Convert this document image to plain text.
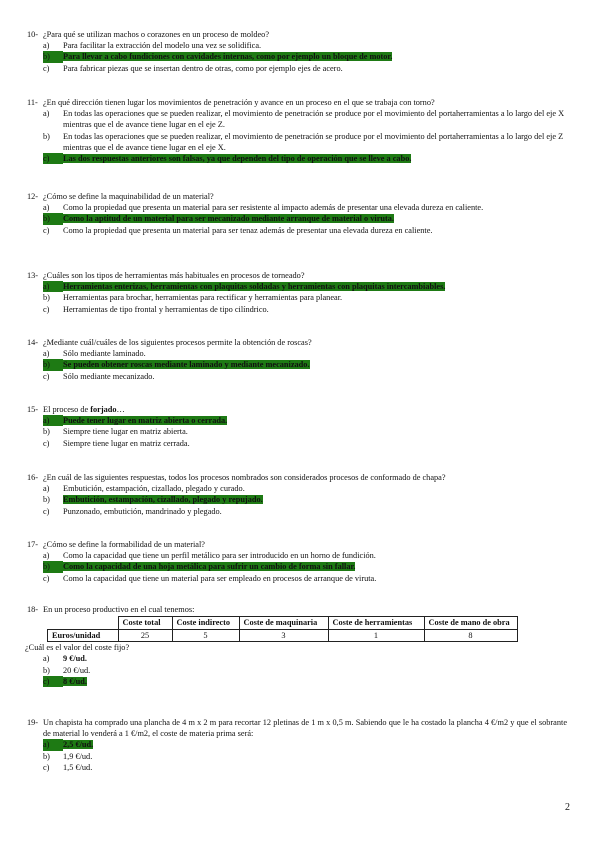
10- ¿Para qué se utilizan machos o corazones en un proceso de moldeo?
a)	Para facilitar la extracción del modelo una vez se solidifica.
b)	Para llevar a cabo fundiciones con cavidades internas, como por ejemplo un bloque de motor.
c)	Para fabricar piezas que se insertan dentro de otras, como por ejemplo ejes de acero.
11- ¿En qué dirección tienen lugar los movimientos de penetración y avance en un proceso en el que se trabaja con torno?
a)	En todas las operaciones que se pueden realizar, el movimiento de penetración se produce por el movimiento del portaherramientas a lo largo del eje X mientras que el de avance tiene lugar en el eje Z.
b)	En todas las operaciones que se pueden realizar, el movimiento de penetración se produce por el movimiento del portaherramientas a lo largo del eje Z mientras que el de avance tiene lugar en el eje X.
c)	Las dos respuestas anteriores son falsas, ya que dependen del tipo de operación que se lleve a cabo.
12- ¿Cómo se define la maquinabilidad de un material?
a)	Como la propiedad que presenta un material para ser resistente al impacto además de presentar una elevada dureza en caliente.
b)	Como la aptitud de un material para ser mecanizado mediante arranque de material o viruta.
c)	Como la propiedad que presenta un material para ser tenaz además de presentar una elevada dureza en caliente.
13- ¿Cuáles son los tipos de herramientas más habituales en procesos de torneado?
a)	Herramientas enterizas, herramientas con plaquitas soldadas y herramientas con plaquitas intercambiables.
b)	Herramientas para brochar, herramientas para rectificar y herramientas para planear.
c)	Herramientas de tipo frontal y herramientas de tipo cilíndrico.
14- ¿Mediante cuál/cuáles de los siguientes procesos permite la obtención de roscas?
a)	Sólo mediante laminado.
b)	Se pueden obtener roscas mediante laminado y mediante mecanizado.
c)	Sólo mediante mecanizado.
15- El proceso de forjado…
a)	Puede tener lugar en matriz abierta o cerrada.
b)	Siempre tiene lugar en matriz abierta.
c)	Siempre tiene lugar en matriz cerrada.
16- ¿En cuál de las siguientes respuestas, todos los procesos nombrados son considerados procesos de conformado de chapa?
a)	Embutición, estampación, cizallado, plegado y curado.
b)	Embutición, estampación, cizallado, plegado y repujado.
c)	Punzonado, embutición, mandrinado y plegado.
17- ¿Cómo se define la formabilidad de un material?
a)	Como la capacidad que tiene un perfil metálico para ser introducido en un horno de fundición.
b)	Como la capacidad de una hoja metálica para sufrir un cambio de forma sin fallar.
c)	Como la capacidad que tiene un material para ser empleado en procesos de arranque de viruta.
18- En un proceso productivo en el cual tenemos:
	Coste total	Coste indirecto	Coste de maquinaria	Coste de herramientas	Coste de mano de obra
Euros/unidad	25	5	3	1	8
¿Cuál es el valor del coste fijo?
a)	9 €/ud.
b)	20 €/ud.
c)	8 €/ud.
19- Un chapista ha comprado una plancha de 4 m x 2 m para recortar 12 pletinas de 1 m x 0,5 m. Sabiendo que le ha costado la plancha 4 €/m2 y que el sobrante de material lo venderá a 1 €/m2, el coste de materia prima será:
a)	2,5 €/ud.
b)	1,9 €/ud.
c)	1,5 €/ud.
2
